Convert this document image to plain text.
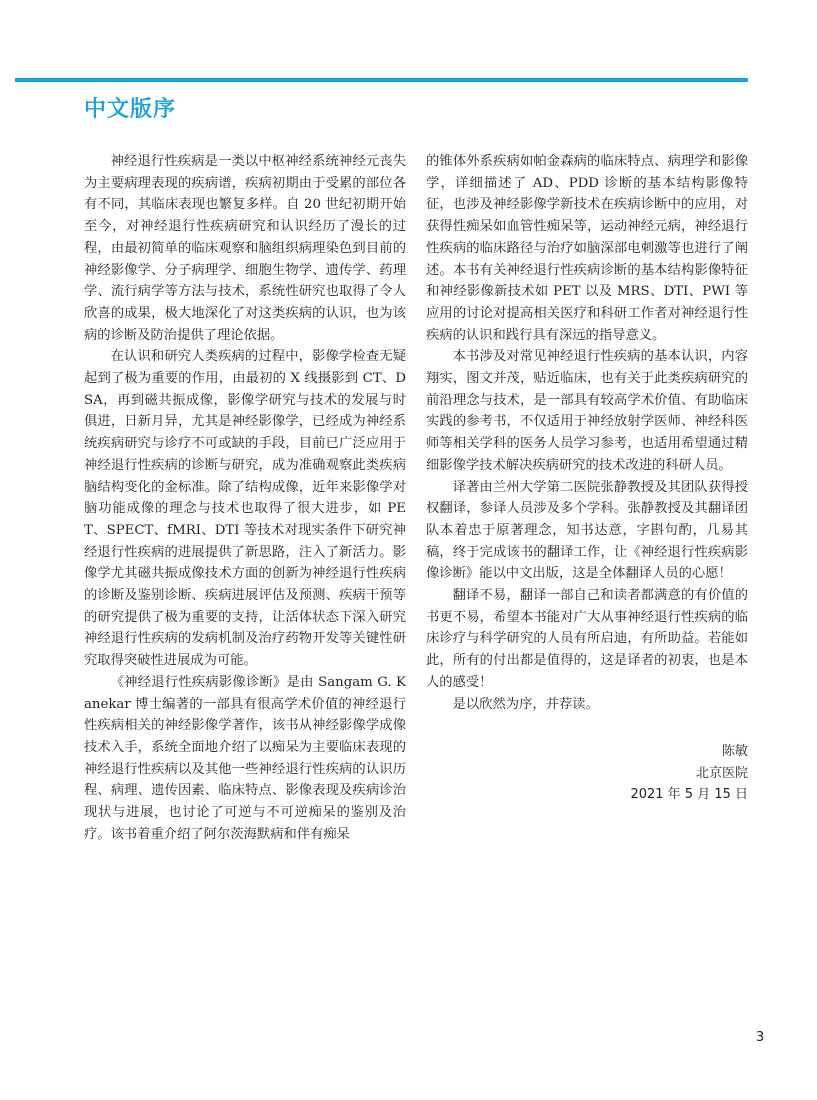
中文版序

神经退行性疾病是一类以中枢神经系统神经元丧失为主要病理表现的疾病谱，疾病初期由于受累的部位各有不同，其临床表现也繁复多样。自 20 世纪初期开始至今，对神经退行性疾病研究和认识经历了漫长的过程，由最初简单的临床观察和脑组织病理染色到目前的神经影像学、分子病理学、细胞生物学、遗传学、药理学、流行病学等方法与技术，系统性研究也取得了令人欣喜的成果，极大地深化了对这类疾病的认识，也为该病的诊断及防治提供了理论依据。

在认识和研究人类疾病的过程中，影像学检查无疑起到了极为重要的作用，由最初的 X 线摄影到 CT、DSA，再到磁共振成像，影像学研究与技术的发展与时俱进，日新月异，尤其是神经影像学，已经成为神经系统疾病研究与诊疗不可或缺的手段，目前已广泛应用于神经退行性疾病的诊断与研究，成为准确观察此类疾病脑结构变化的金标准。除了结构成像，近年来影像学对脑功能成像的理念与技术也取得了很大进步，如 PET、SPECT、fMRI、DTI 等技术对现实条件下研究神经退行性疾病的进展提供了新思路，注入了新活力。影像学尤其磁共振成像技术方面的创新为神经退行性疾病的诊断及鉴别诊断、疾病进展评估及预测、疾病干预等的研究提供了极为重要的支持，让活体状态下深入研究神经退行性疾病的发病机制及治疗药物开发等关键性研究取得突破性进展成为可能。

《神经退行性疾病影像诊断》是由 Sangam G. Kanekar 博士编著的一部具有很高学术价值的神经退行性疾病相关的神经影像学著作，该书从神经影像学成像技术入手，系统全面地介绍了以痴呆为主要临床表现的神经退行性疾病以及其他一些神经退行性疾病的认识历程、病理、遗传因素、临床特点、影像表现及疾病诊治现状与进展，也讨论了可逆与不可逆痴呆的鉴别及治疗。该书着重介绍了阿尔茨海默病和伴有痴呆

的锥体外系疾病如帕金森病的临床特点、病理学和影像学，详细描述了 AD、PDD 诊断的基本结构影像特征，也涉及神经影像学新技术在疾病诊断中的应用，对获得性痴呆如血管性痴呆等，运动神经元病，神经退行性疾病的临床路径与治疗如脑深部电刺激等也进行了阐述。本书有关神经退行性疾病诊断的基本结构影像特征和神经影像新技术如 PET 以及 MRS、DTI、PWI 等应用的讨论对提高相关医疗和科研工作者对神经退行性疾病的认识和践行具有深远的指导意义。

本书涉及对常见神经退行性疾病的基本认识，内容翔实，图文并茂，贴近临床，也有关于此类疾病研究的前沿理念与技术，是一部具有较高学术价值、有助临床实践的参考书，不仅适用于神经放射学医师、神经科医师等相关学科的医务人员学习参考，也适用希望通过精细影像学技术解决疾病研究的技术改进的科研人员。

译著由兰州大学第二医院张静教授及其团队获得授权翻译，参译人员涉及多个学科。张静教授及其翻译团队本着忠于原著理念，知书达意，字斟句酌，几易其稿，终于完成该书的翻译工作，让《神经退行性疾病影像诊断》能以中文出版，这是全体翻译人员的心愿！

翻译不易，翻译一部自己和读者都满意的有价值的书更不易，希望本书能对广大从事神经退行性疾病的临床诊疗与科学研究的人员有所启迪，有所助益。若能如此，所有的付出都是值得的，这是译者的初衷，也是本人的感受！

是以欣然为序，并荐读。

陈敏
北京医院
2021 年 5 月 15 日
3
